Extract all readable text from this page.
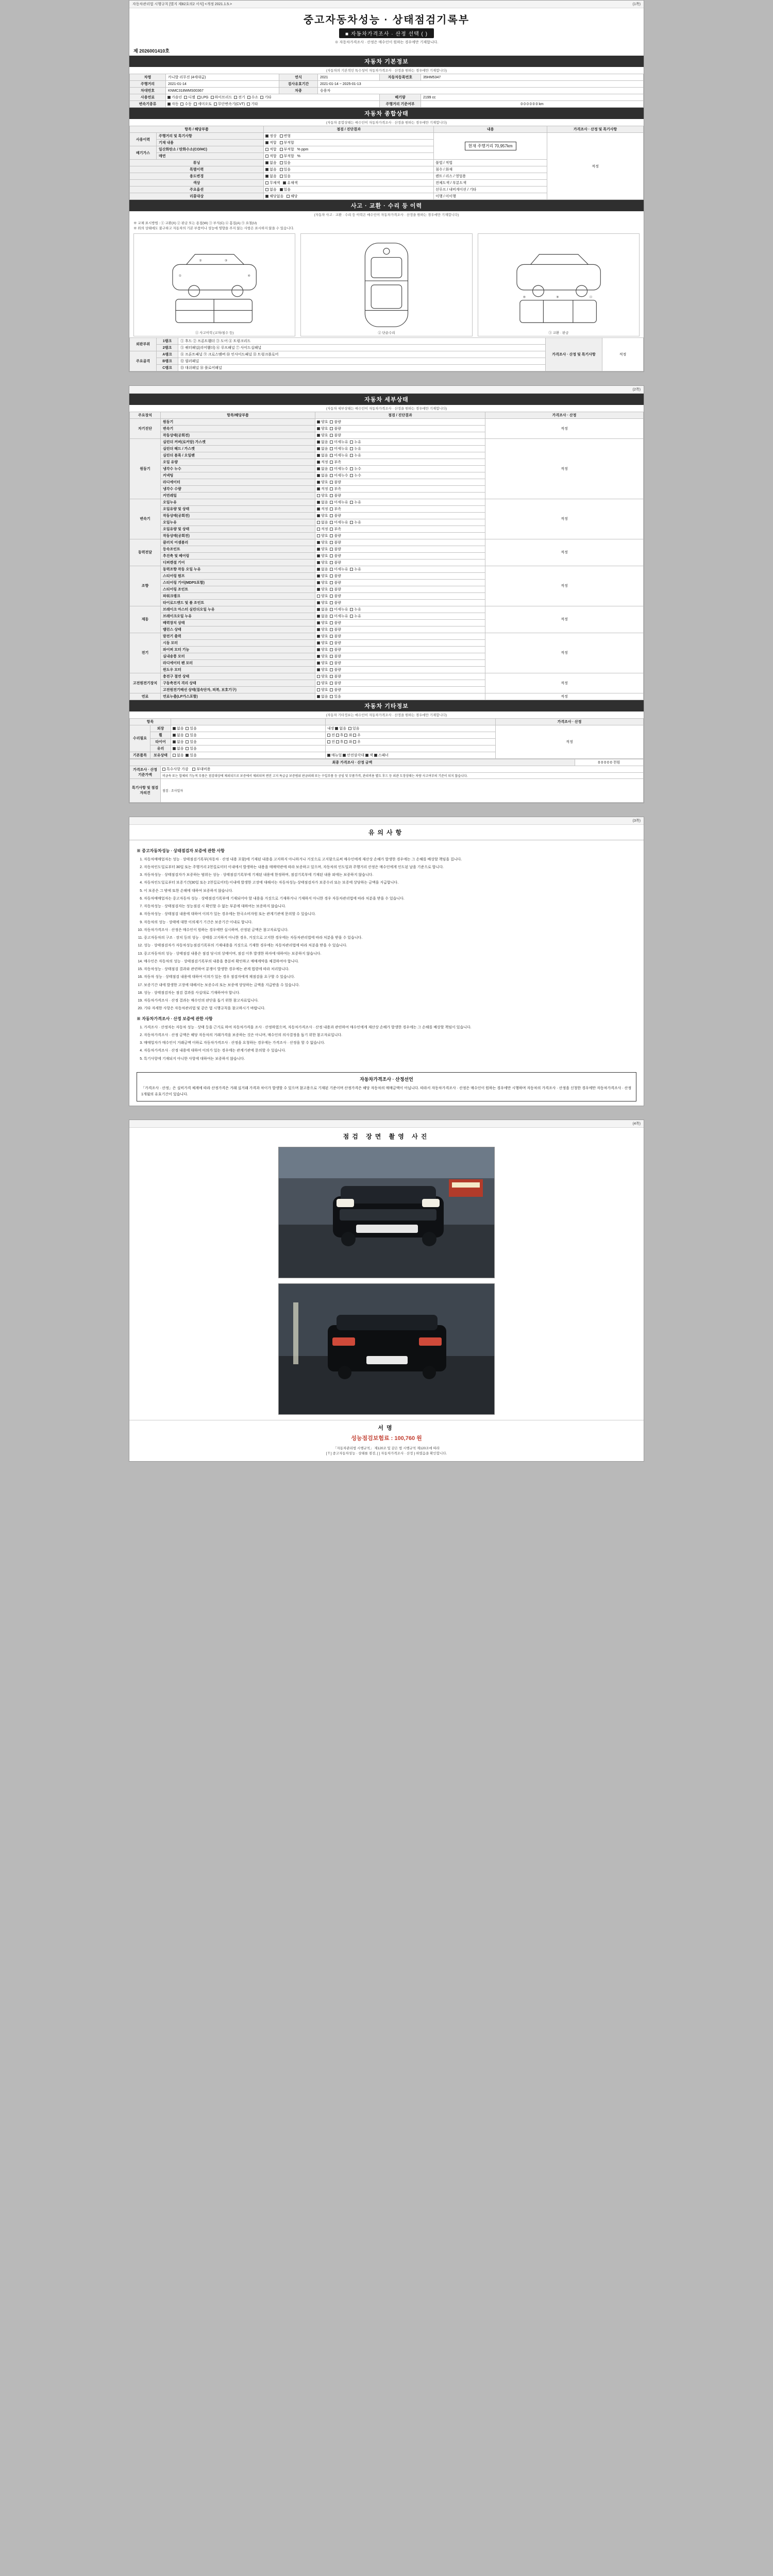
자동차관리법 시행규칙 [별지 제82호의2 서식] <개정 2021.1.5.>	(1쪽)
중고자동차성능 · 상태점검기록부
■ 자동차가격조사 · 산정 선택 ( )
※ 자동차가격조사 · 산정은 매수인이 원하는 경우에만 기재합니다.
제 2026001410호
자동차 기본정보
(자동차의 기본적인 특수성이 자동차가격조사 · 산정을 원하는 경우에만 기재합니다)
차명	카니발 리무진 (4세대급)	연식	2021	자동차등록번호	35HM5347
주행거리	2021-01-14	검사유효기간	2021-01-14 ~ 2025-01-13		
차대번호	KNMC318WMS00367	차종	승용차		
사용연료	가솔린 디젤 LPG 하이브리드 전기 수소 기타			배기량	2199 cc
변속기종류	자동 수동 세미오토 무단변속기(CVT) 기타			주행거리 기준여부	0 0 0 0 0 0 km
자동차 종합상태
(자동차 종합상태는 매수인이 자동차가격조사 · 산정을 원하는 경우에만 기재합니다)
항목 / 해당부품		점검 / 진단결과	내용	가격조사 · 산정 및 특기사항
사용이력	주행거리 및 특기사항	정상 변형	현재 주행거리 70,957km	적정
	기재 내용	적합 부적합		
배기가스	일산화탄소 / 탄화수소(CO/HC)	적합 부적합 % ppm		
	매연	적합 부적합 %		
튜닝		없음 있음	불법 / 적법	
특별이력		없음 있음	침수 / 화재	
용도변경		없음 있음	렌트 / 리스 / 영업용	
색상		무채색 유채색	전체도색 / 부분도색	
주요옵션		없음 있음	선루프 / 내비게이션 / 기타	
리콜대상		해당없음 해당	이행 / 미이행	
사고 · 교환 · 수리 등 이력
(자동차 사고 · 교환 · 수리 등 이력은 매수인이 자동차가격조사 · 산정을 원하는 경우에만 기재합니다)
※ 교체 표시방법 : ① 교환(X) ② 판금 또는 용접(W) ③ 부식(C) ④ 흠집(A) ⑤ 요철(U)
※ 위의 상태에도 불구하고 자동차의 기본 부품이나 성능에 영향을 주지 않는 사항은 표시하지 않을 수 있습니다.
①
②	③
④
① 사고이력 (교차/침수 등)	② 단순수리
⑧	⑨	⑪
③ 교환 · 판금
외판부위	1랭크	① 후드 ② 프론트휀더 ③ 도어 ④ 트렁크리드	가격조사 · 산정 및 특기사항	적정
	2랭크	⑤ 쿼터패널(리어휀더) ⑥ 루프패널 ⑦ 사이드실패널		
주요골격	A랭크	⑧ 프론트패널 ⑨ 크로스멤버 ⑩ 인사이드패널 ⑪ 트렁크플로어		
	B랭크	⑫ 필러패널		
	C랭크	⑬ 대쉬패널 ⑭ 플로어패널		

(2쪽)
자동차 세부상태
(자동차 세부상태는 매수인이 자동차가격조사 · 산정을 원하는 경우에만 기재합니다)
주요장치	항목/해당부품	점검 / 진단결과	가격조사 · 산정
자기진단	원동기	양호 불량	적정
	변속기	양호 불량	
	작동상태(공회전)	양호 불량	
원동기	실린더 커버(로커암) 가스켓	없음 미세누유 누유	적정
	실린더 헤드 / 가스켓	없음 미세누유 누유	
	실린더 블록 / 오일팬	없음 미세누유 누유	
	오일 유량	적정 부족	
	냉각수 누수	없음 미세누수 누수	
	커넥팅	없음 미세누수 누수	
	라디에이터	양호 불량	
	냉각수 수량	적정 부족	
	커먼레일	양호 불량	
변속기	오일누유	없음 미세누유 누유	적정
	오일유량 및 상태	적정 부족	
	작동상태(공회전)	양호 불량	
	오일누유	없음 미세누유 누유	
	오일유량 및 상태	적정 부족	
	작동상태(공회전)	양호 불량	
동력전달	클러치 어셈블리	양호 불량	적정
	등속조인트	양호 불량	
	추진축 및 베어링	양호 불량	
	디퍼렌셜 기어	양호 불량	
조향	동력조향 작동 오일 누유	없음 미세누유 누유	적정
	스티어링 펌프	양호 불량	
	스티어링 기어(MDPS포함)	양호 불량	
	스티어링 조인트	양호 불량	
	파워크랭크	양호 불량	
	타이로드엔드 및 볼 조인트	양호 불량	
제동	브레이크 마스터 실린더오일 누유	없음 미세누유 누유	적정
	브레이크오일 누유	없음 미세누유 누유	
	배력장치 상태	양호 불량	
	밸런스 상태	양호 불량	
전기	발전기 출력	양호 불량	적정
	시동 모터	양호 불량	
	와이퍼 모터 기능	양호 불량	
	실내송풍 모터	양호 불량	
	라디에이터 팬 모터	양호 불량	
	윈도우 모터	양호 불량	
고전원전기장치	충전구 절연 상태	양호 불량	적정
	구동축전지 격리 상태	양호 불량	
	고전원전기배선 상태(접속단자, 피복, 보호기구)	양호 불량	
연료	연료누출(LP가스포함)	없음 있음	적정
자동차 기타정보
(자동차 기타정보는 매수인이 자동차가격조사 · 산정을 원하는 경우에만 기재합니다)
항목				가격조사 · 산정
수리필요	외장	없음 있음	내장 없음 있음	적정
	휠	없음 있음	전 후 좌 우	
	타이어	없음 있음	전 후 좌 우	
	유리	없음 있음		
기본품목	보유상태	없음 있음	매뉴얼 안전삼각대 잭 스패너	
최종 가격조사 · 산정 금액		0 0 0 0 0 천원
가격조사 · 산정 기준가액	특수사항 가감 부대비용	
	비금속 또는 합체의 기능적 부품은 점검대상에 제외되므로 보증에서 제외되며 엔진 고지 특급급 보증범위 판금외래 또는 수입부품 등 공임 및 부품가격, 관리비용 별도 후드 등 외관 도장상태는 차량 사고여부의 기준이 되지 않습니다.	
특기사항 및 점검자의견	점검 · 조사일자	

(3쪽)
유의사항
※ 중고자동차성능 · 상태점검자 보증에 관한 사항
1. 자동차매매업자는 성능 · 상태점검기록부(자동차 · 산정 내용 포함)에 기재된 내용을 고지하지 아니하거나 거짓으로 고지함으로써 매수인에게 재산상 손해가 발생한 경우에는 그 손해를 배상할 책임을 집니다.
2. 자동차인도일로부터 30일 또는 주행거리 2천킬로미터 이내에서 발생하는 내용을 매매약관에 따라 보증하고 있으며, 자동차의 인도일과 주행거리 산정은 매수인에게 인도된 날을 기준으로 합니다.
3. 자동차성능 · 상태점검자가 보증하는 범위는 성능 · 상태점검기록부에 기재된 내용에 한정하며, 점검기록부에 기재된 내용 외에는 보증하지 않습니다.
4. 자동차인도일로부터 보증기간(30일 또는 2천킬로미터) 이내에 발생한 고장에 대해서는 자동차성능·상태점검자가 보증수리 또는 보증에 상당하는 금액을 지급합니다.
5. 이 보증은 그 밖에 또한 손해에 대하여 보증하지 않습니다.
6. 자동차매매업자는 중고자동차 성능 · 상태점검기록부에 기재되어야 할 내용을 거짓으로 기재하거나 기재하지 아니한 경우 자동차관리법에 따라 처분을 받을 수 있습니다.
7. 자동차성능 · 상태점검자는 성능점검 시 확인할 수 없는 부분에 대하여는 보증하지 않습니다.
8. 자동차성능 · 상태점검 내용에 대하여 이의가 있는 경우에는 한국소비자원 또는 관계기관에 문의할 수 있습니다.
9. 자동차의 성능 · 상태에 대한 이의제기 기간은 보증기간 이내로 합니다.
10. 자동차가격조사 · 산정은 매수인이 원하는 경우에만 실시하며, 산정된 금액은 참고자료입니다.
11. 중고자동차의 구조 · 장치 등의 성능 · 상태를 고지하지 아니한 경우, 거짓으로 고지한 경우에는 자동차관리법에 따라 처분을 받을 수 있습니다.
12. 성능 · 상태점검자가 자동차성능점검기록부의 기재내용을 거짓으로 기재한 경우에는 자동차관리법에 따라 처분을 받을 수 있습니다.
13. 중고자동차의 성능 · 상태점검 내용은 점검 당시의 상태이며, 점검 이후 발생한 하자에 대하여는 보증하지 않습니다.
14. 매수인은 자동차의 성능 · 상태점검기록부의 내용을 충분히 확인하고 매매계약을 체결하여야 합니다.
15. 자동차성능 · 상태점검 결과와 관련하여 분쟁이 발생한 경우에는 관계 법령에 따라 처리합니다.
16. 자동차 성능 · 상태점검 내용에 대하여 이의가 있는 경우 점검자에게 재점검을 요구할 수 있습니다.
17. 보증기간 내에 발생한 고장에 대해서는 보증수리 또는 보증에 상당하는 금액을 지급받을 수 있습니다.
18. 성능 · 상태점검자는 점검 결과를 사실대로 기재하여야 합니다.
19. 자동차가격조사 · 산정 결과는 매수인의 판단을 돕기 위한 참고자료입니다.
20. 기타 자세한 사항은 자동차관리법 및 같은 법 시행규칙을 참고하시기 바랍니다.
※ 자동차가격조사 · 산정 보증에 관한 사항
1. 가격조사 · 산정자는 자동차 성능 · 상태 등을 근거로 하여 자동차가격을 조사 · 산정하였으며, 자동차가격조사 · 산정 내용과 관련하여 매수인에게 재산상 손해가 발생한 경우에는 그 손해를 배상할 책임이 있습니다.
2. 자동차가격조사 · 산정 금액은 해당 자동차의 거래가격을 보증하는 것은 아니며, 매수인의 의사결정을 돕기 위한 참고자료입니다.
3. 매매업자가 매수인이 거래금액 이하로 자동차가격조사 · 산정을 요청하는 경우에는 가격조사 · 산정을 할 수 없습니다.
4. 자동차가격조사 · 산정 내용에 대하여 이의가 있는 경우에는 관계기관에 문의할 수 있습니다.
5. 특기사항에 기재되지 아니한 사항에 대하여는 보증하지 않습니다.
자동차가격조사 · 산정선언
「가격조사 · 산정」은 실비가격 체계에 따라 산정가격은 거래 실거래 가격과 차이가 발생할 수 있으며 참고용으로 기재된 기준이며 산정가격은 해당 자동차의 매매금액이 아닙니다. 따라서 자동차가격조사 · 산정은 매수인이 원하는 경우에만 시행하며 자동차의 가격조사 · 산정을 신청한 경우에만 자동차가격조사 · 산정 1개월의 유효기간이 있습니다.

(4쪽)
점검 장면 촬영 사진
서명
성능점검보험료 : 100,760 원
「자동차관리법 시행규칙」 제120조 및 같은 법 시행규칙 제120조에 따라
[ T ] 중고자동차성능 · 상태를 점검, [ ] 자동차가격조사 · 산정 } 하였음을 확인합니다.
